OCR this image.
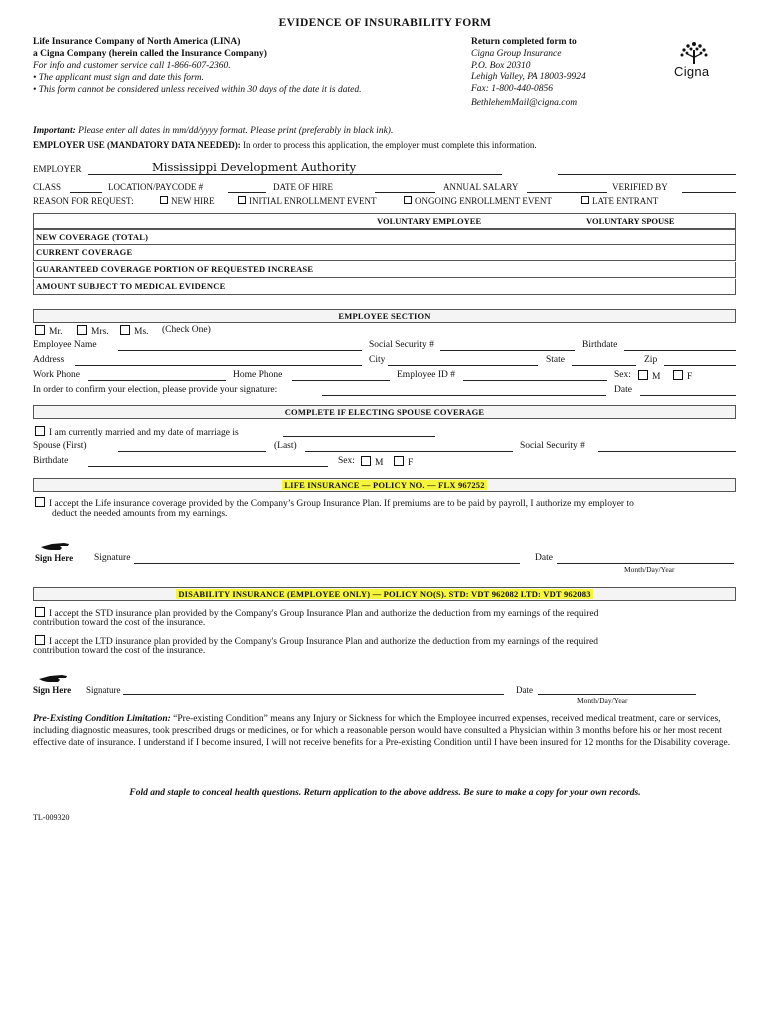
EVIDENCE OF INSURABILITY FORM
Life Insurance Company of North America (LINA)
a Cigna Company (herein called the Insurance Company)
For info and customer service call 1-866-607-2360.
• The applicant must sign and date this form.
• This form cannot be considered unless received within 30 days of the date it is dated.
Return completed form to
Cigna Group Insurance
P.O. Box 20310
Lehigh Valley, PA 18003-9924
Fax: 1-800-440-0856
BethlehemMail@cigna.com
Cigna
Important: Please enter all dates in mm/dd/yyyy format. Please print (preferably in black ink).
EMPLOYER USE (MANDATORY DATA NEEDED): In order to process this application, the employer must complete this information.
EMPLOYER	Mississippi Development Authority
CLASS	LOCATION/PAYCODE #	DATE OF HIRE	ANNUAL SALARY	VERIFIED BY
REASON FOR REQUEST:	NEW HIRE	INITIAL ENROLLMENT EVENT	ONGOING ENROLLMENT EVENT	LATE ENTRANT
VOLUNTARY EMPLOYEE	VOLUNTARY SPOUSE
NEW COVERAGE (TOTAL)
CURRENT COVERAGE
GUARANTEED COVERAGE PORTION OF REQUESTED INCREASE
AMOUNT SUBJECT TO MEDICAL EVIDENCE
EMPLOYEE SECTION
Mr.	Mrs.	Ms. (Check One)
Employee Name	Social Security #	Birthdate
Address	City	State	Zip
Work Phone	Home Phone	Employee ID #	Sex:	M	F
In order to confirm your election, please provide your signature:	Date
COMPLETE IF ELECTING SPOUSE COVERAGE
I am currently married and my date of marriage is
Spouse (First)	(Last)	Social Security #
Birthdate	Sex:	M	F
LIFE INSURANCE — POLICY NO. — FLX 967252
I accept the Life insurance coverage provided by the Company’s Group Insurance Plan. If premiums are to be paid by payroll, I authorize my employer to
deduct the needed amounts from my earnings.
Sign Here Signature	Date
Month/Day/Year
DISABILITY INSURANCE (EMPLOYEE ONLY) — POLICY NO(S). STD: VDT 962082 LTD: VDT 962083
I accept the STD insurance plan provided by the Company's Group Insurance Plan and authorize the deduction from my earnings of the required
contribution toward the cost of the insurance.
I accept the LTD insurance plan provided by the Company's Group Insurance Plan and authorize the deduction from my earnings of the required
contribution toward the cost of the insurance.
Sign Here Signature	Date
Month/Day/Year
Pre-Existing Condition Limitation: “Pre-existing Condition” means any Injury or Sickness for which the Employee incurred expenses, received medical treatment, care or services, including diagnostic measures, took prescribed drugs or medicines, or for which a reasonable person would have consulted a Physician within 3 months before his or her most recent effective date of insurance. I understand if I become insured, I will not receive benefits for a Pre-existing Condition until I have been insured for 12 months for the Disability coverage.
Fold and staple to conceal health questions. Return application to the above address. Be sure to make a copy for your own records.
TL-009320
